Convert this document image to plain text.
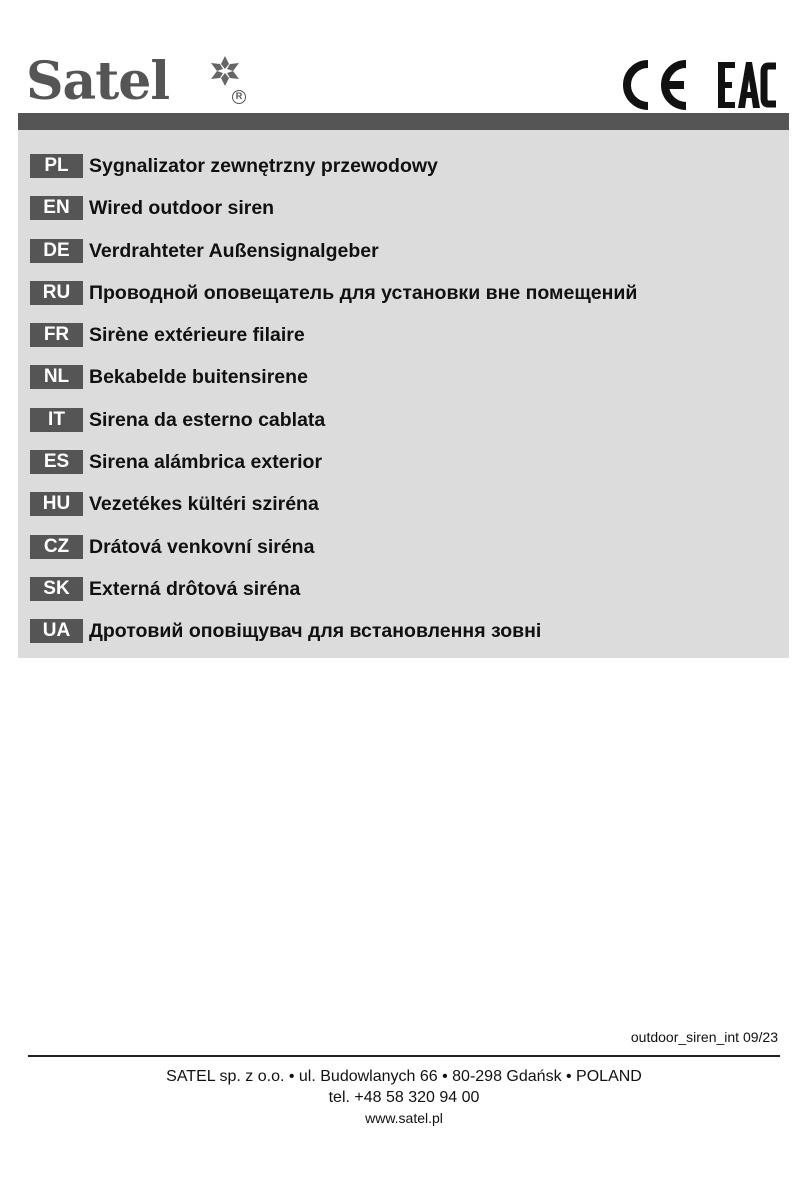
Satel	R
PL	Sygnalizator zewnętrzny przewodowy
EN Wired outdoor siren
DE Verdrahteter Außensignalgeber
RU Проводной оповещатель для установки вне помещений
FR	Sirène extérieure filaire
NL	Bekabelde buitensirene
IT	Sirena da esterno cablata
ES	Sirena alámbrica exterior
HU Vezetékes kültéri sziréna
CZ	Drátová venkovní siréna
SK Externá drôtová siréna
UA Дротовий оповіщувач для встановлення зовні
outdoor_siren_int 09/23
SATEL sp. z o.o. • ul. Budowlanych 66 • 80-298 Gdańsk • POLAND
tel. +48 58 320 94 00
www.satel.pl
